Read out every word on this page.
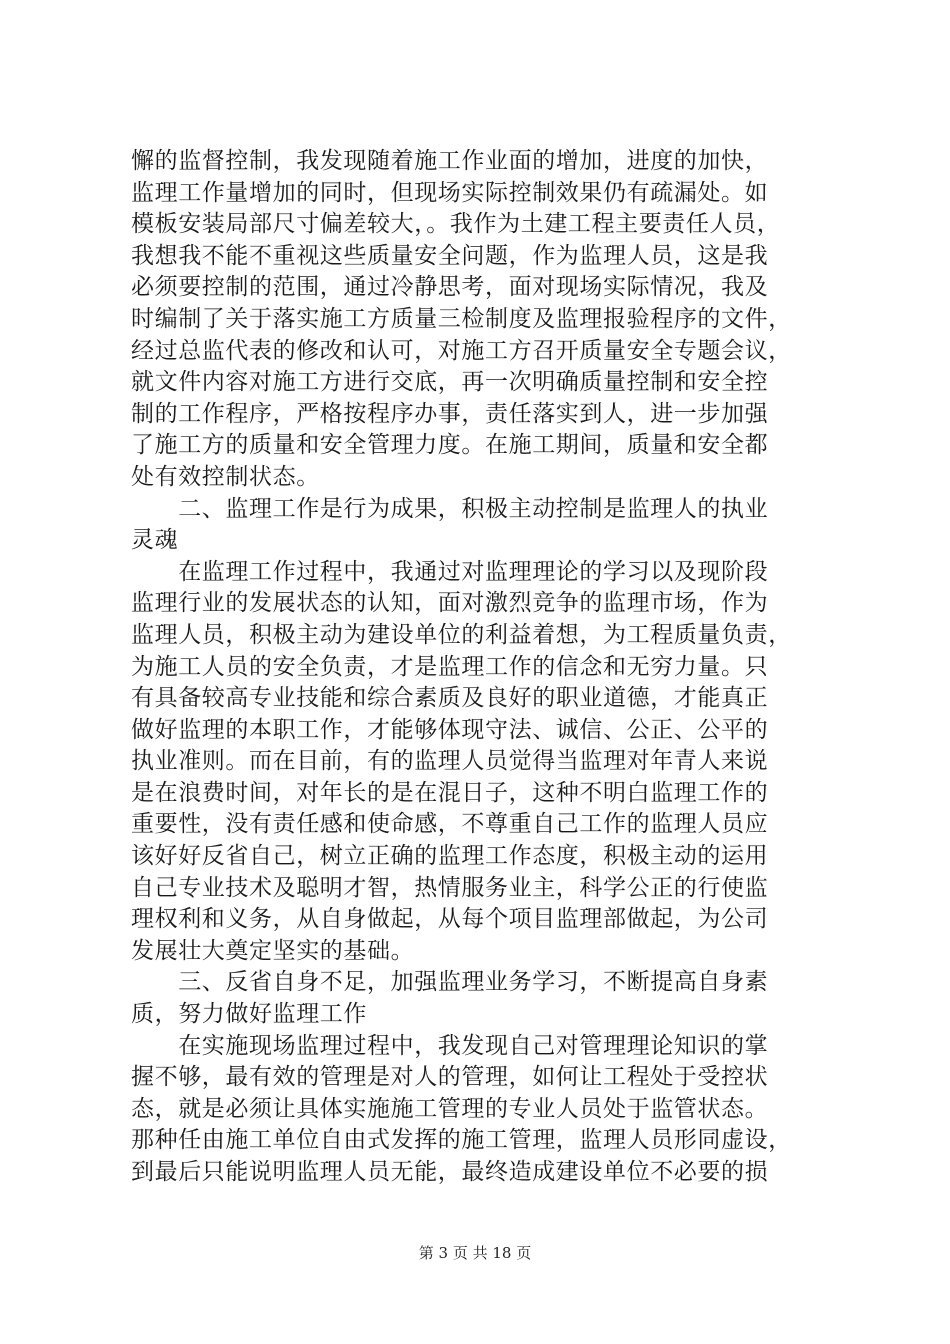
懈的监督控制，我发现随着施工作业面的增加，进度的加快，
监理工作量增加的同时，但现场实际控制效果仍有疏漏处。如
模板安装局部尺寸偏差较大，。我作为土建工程主要责任人员，
我想我不能不重视这些质量安全问题，作为监理人员，这是我
必须要控制的范围，通过冷静思考，面对现场实际情况，我及
时编制了关于落实施工方质量三检制度及监理报验程序的文件，
经过总监代表的修改和认可，对施工方召开质量安全专题会议，
就文件内容对施工方进行交底，再一次明确质量控制和安全控
制的工作程序，严格按程序办事，责任落实到人，进一步加强
了施工方的质量和安全管理力度。在施工期间，质量和安全都
处有效控制状态。
　　二、监理工作是行为成果，积极主动控制是监理人的执业
灵魂
　　在监理工作过程中，我通过对监理理论的学习以及现阶段
监理行业的发展状态的认知，面对激烈竞争的监理市场，作为
监理人员，积极主动为建设单位的利益着想，为工程质量负责，
为施工人员的安全负责，才是监理工作的信念和无穷力量。只
有具备较高专业技能和综合素质及良好的职业道德，才能真正
做好监理的本职工作，才能够体现守法、诚信、公正、公平的
执业准则。而在目前，有的监理人员觉得当监理对年青人来说
是在浪费时间，对年长的是在混日子，这种不明白监理工作的
重要性，没有责任感和使命感，不尊重自己工作的监理人员应
该好好反省自己，树立正确的监理工作态度，积极主动的运用
自己专业技术及聪明才智，热情服务业主，科学公正的行使监
理权利和义务，从自身做起，从每个项目监理部做起，为公司
发展壮大奠定坚实的基础。
　　三、反省自身不足，加强监理业务学习，不断提高自身素
质，努力做好监理工作
　　在实施现场监理过程中，我发现自己对管理理论知识的掌
握不够，最有效的管理是对人的管理，如何让工程处于受控状
态，就是必须让具体实施施工管理的专业人员处于监管状态。
那种任由施工单位自由式发挥的施工管理，监理人员形同虚设，
到最后只能说明监理人员无能，最终造成建设单位不必要的损
第 3 页 共 18 页
